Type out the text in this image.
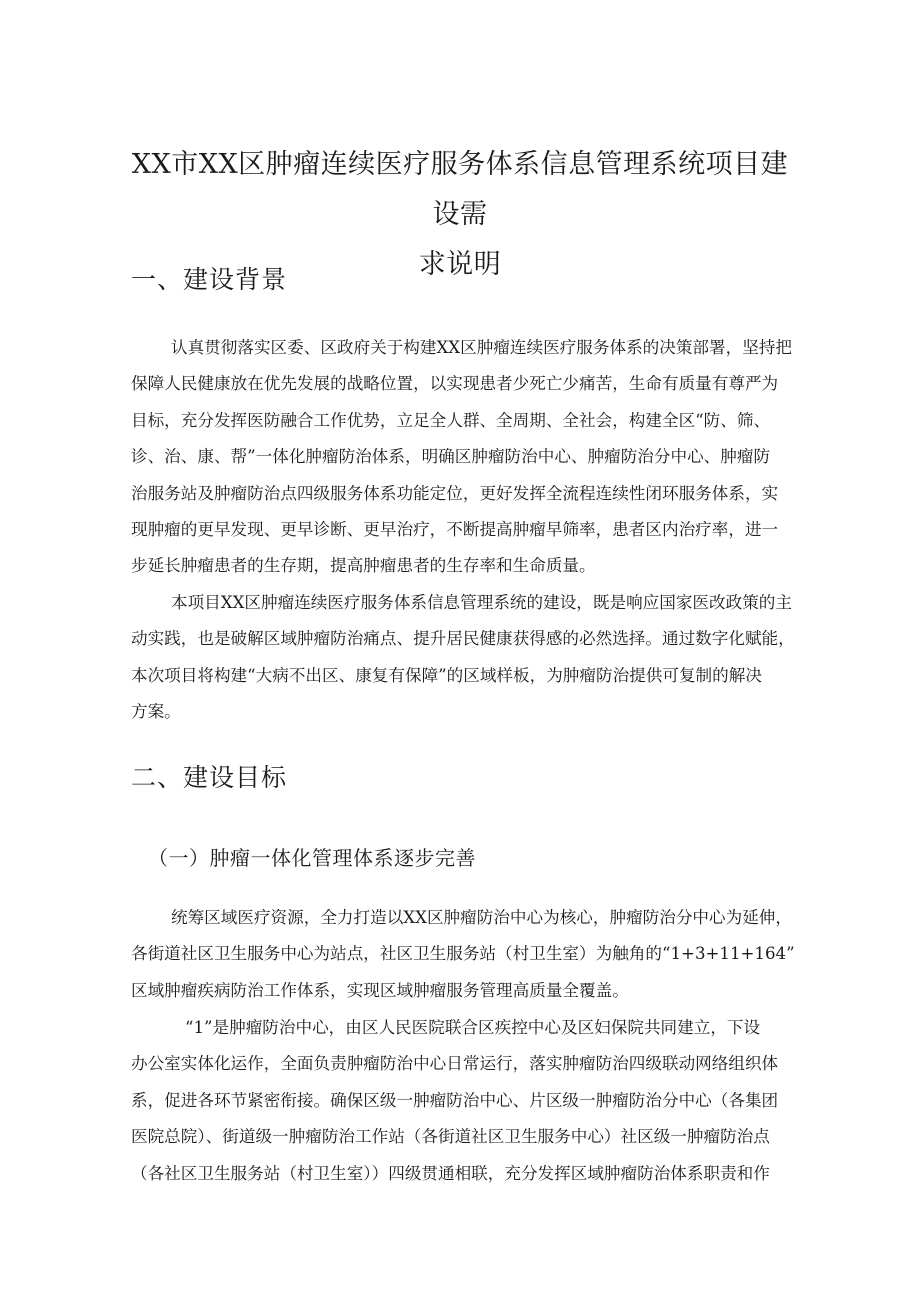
XX市XX区肿瘤连续医疗服务体系信息管理系统项目建设需
求说明
一、建设背景

认真贯彻落实区委、区政府关于构建XX区肿瘤连续医疗服务体系的决策部署，坚持把
保障人民健康放在优先发展的战略位置，以实现患者少死亡少痛苦，生命有质量有尊严为
目标，充分发挥医防融合工作优势，立足全人群、全周期、全社会，构建全区“防、筛、
诊、治、康、帮”一体化肿瘤防治体系，明确区肿瘤防治中心、肿瘤防治分中心、肿瘤防
治服务站及肿瘤防治点四级服务体系功能定位，更好发挥全流程连续性闭环服务体系，实
现肿瘤的更早发现、更早诊断、更早治疗，不断提高肿瘤早筛率，患者区内治疗率，进一
步延长肿瘤患者的生存期，提高肿瘤患者的生存率和生命质量。

本项目XX区肿瘤连续医疗服务体系信息管理系统的建设，既是响应国家医改政策的主
动实践，也是破解区域肿瘤防治痛点、提升居民健康获得感的必然选择。通过数字化赋能，
本次项目将构建“大病不出区、康复有保障”的区域样板，为肿瘤防治提供可复制的解决
方案。

二、建设目标
（一）肿瘤一体化管理体系逐步完善

统筹区域医疗资源，全力打造以XX区肿瘤防治中心为核心，肿瘤防治分中心为延伸，
各街道社区卫生服务中心为站点，社区卫生服务站（村卫生室）为触角的“1+3+11+164”
区域肿瘤疾病防治工作体系，实现区域肿瘤服务管理高质量全覆盖。

“1”是肿瘤防治中心，由区人民医院联合区疾控中心及区妇保院共同建立，下设
办公室实体化运作，全面负责肿瘤防治中心日常运行，落实肿瘤防治四级联动网络组织体
系，促进各环节紧密衔接。确保区级一肿瘤防治中心、片区级一肿瘤防治分中心（各集团
医院总院）、街道级一肿瘤防治工作站（各街道社区卫生服务中心）社区级一肿瘤防治点
（各社区卫生服务站（村卫生室））四级贯通相联，充分发挥区域肿瘤防治体系职责和作
